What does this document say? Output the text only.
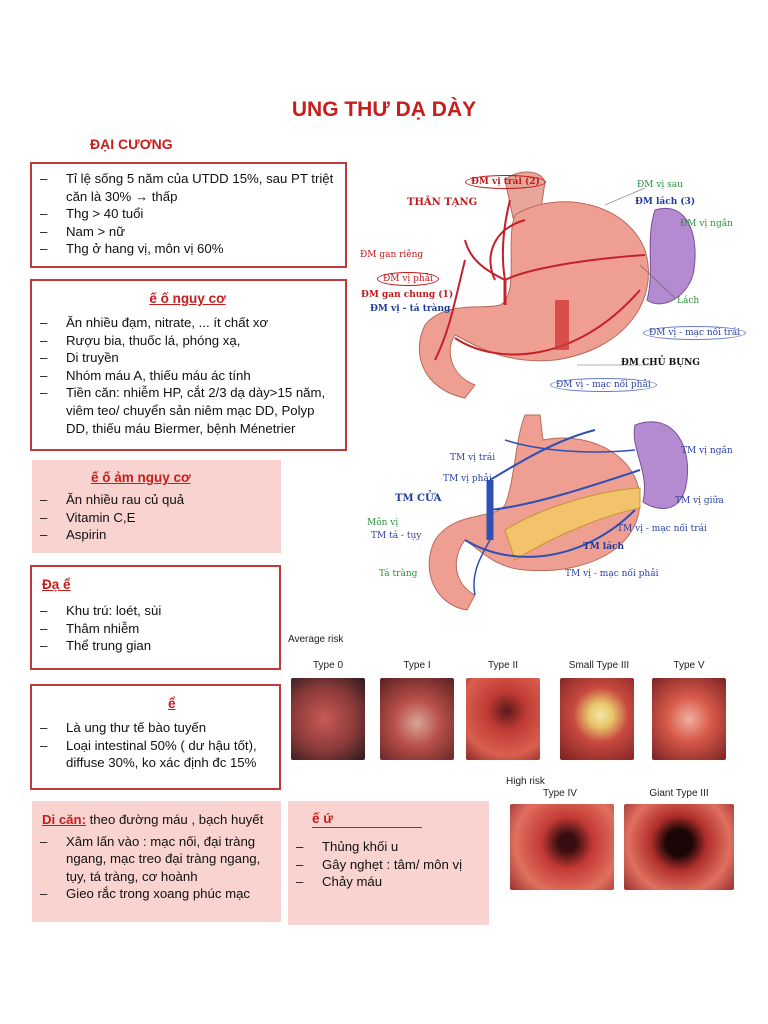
UNG THƯ DẠ DÀY
ĐẠI CƯƠNG
– Tỉ lệ sống 5 năm của UTDD 15%, sau PT triệt căn là 30% → thấp
– Thg > 40 tuổi
– Nam > nữ
– Thg ở hang vị, môn vị 60%
ế ố nguy cơ
– Ăn nhiều đạm, nitrate, ... ít chất xơ
– Rượu bia, thuốc lá, phóng xạ,
– Di truyền
– Nhóm máu A, thiếu máu ác tính
– Tiền căn: nhiễm HP, cắt 2/3 dạ dày>15 năm, viêm teo/ chuyển sản niêm mạc DD, Polyp DD, thiếu máu Biermer, bệnh Ménetrier
ế ố ảm nguy cơ
– Ăn nhiều rau củ quả
– Vitamin C,E
– Aspirin
Đạ ể
– Khu trú: loét, sùi
– Thâm nhiễm
– Thể trung gian
ể
– Là ung thư tế bào tuyến
– Loại intestinal 50% ( dư hậu tốt), diffuse 30%, ko xác định đc 15%
Di căn: theo đường máu , bạch huyết
– Xâm lấn vào : mạc nối, đại tràng ngang, mạc treo đại tràng ngang, tụy, tá tràng, cơ hoành
– Gieo rắc trong xoang phúc mạc
ế ứ
– Thủng khối u
– Gây nghẹt : tâm/ môn vị
– Chảy máu
ĐM vị trái (2)
THÂN TẠNG
ĐM gan riêng
ĐM vị phải
ĐM gan chung (1)
ĐM vị - tá tràng
ĐM vị sau
ĐM lách (3)
ĐM vị ngắn
Lách
ĐM vị - mạc nối trái
ĐM CHỦ BỤNG
ĐM vị - mạc nối phải
TM vị trái
TM vị phải
TM CỬA
Môn vị
TM tá - tụy
Tá tràng
TM vị ngắn
TM vị giữa
TM vị - mạc nối trái
TM lách
TM vị - mạc nối phải
Average risk
Type 0	Type I	Type II	Small Type III	Type V
High risk
Type IV	Giant Type III
